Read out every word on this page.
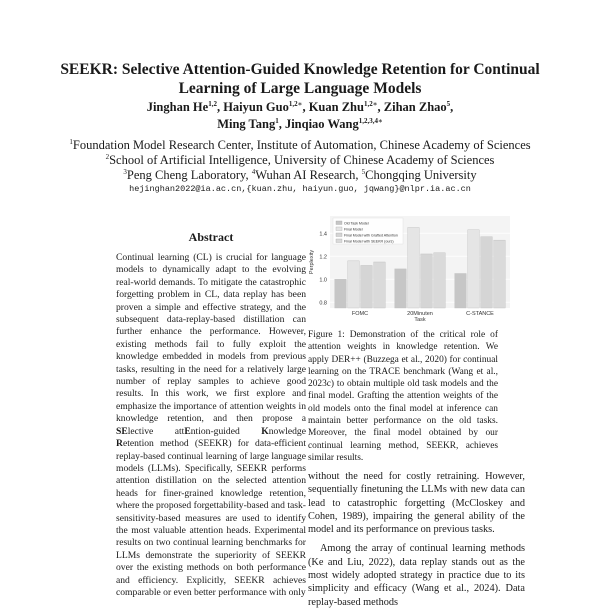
SEEKR: Selective Attention-Guided Knowledge Retention for Continual
Learning of Large Language Models
Jinghan He$^{1,2}$, Haiyun Guo$^{1,2∗}$, Kuan Zhu$^{1,2∗}$, Zihan Zhao$^5$,
Ming Tang$^1$, Jinqiao Wang$^{1,2,3,4∗}$
$^1$Foundation Model Research Center, Institute of Automation, Chinese Academy of Sciences
$^2$School of Artificial Intelligence, University of Chinese Academy of Sciences
$^3$Peng Cheng Laboratory, $^4$Wuhan AI Research, $^5$Chongqing University
hejinghan2022@ia.ac.cn,{kuan.zhu, haiyun.guo, jqwang}@nlpr.ia.ac.cn
Abstract

Continual learning (CL) is crucial for language models to dynamically adapt to the evolving real-world demands. To mitigate the catastrophic forgetting problem in CL, data replay has been proven a simple and effective strategy, and the subsequent data-replay-based distillation can further enhance the performance. However, existing methods fail to fully exploit the knowledge embedded in models from previous tasks, resulting in the need for a relatively large number of replay samples to achieve good results. In this work, we first explore and emphasize the importance of attention weights in knowledge retention, and then propose a SElective attEntion-guided Knowledge Retention method (SEEKR) for data-efficient replay-based continual learning of large language models (LLMs). Specifically, SEEKR performs attention distillation on the selected attention heads for finer-grained knowledge retention, where the proposed forgettability-based and task-sensitivity-based measures are used to identify the most valuable attention heads. Experimental results on two continual learning benchmarks for LLMs demonstrate the superiority of SEEKR over the existing methods on both performance and efficiency. Explicitly, SEEKR achieves comparable or even better performance with only

0.8
1.0
1.2
1.4
Perplexity
FOMC	20Minuten	C-STANCE
Task
Old Task Model
Final Model
Final Model with Grafted Attention
Final Model with SEEKR (ours)
Figure 1: Demonstration of the critical role of attention weights in knowledge retention. We apply DER++ (Buzzega et al., 2020) for continual learning on the TRACE benchmark (Wang et al., 2023c) to obtain multiple old task models and the final model. Grafting the attention weights of the old models onto the final model at inference can maintain better performance on the old tasks. Moreover, the final model obtained by our continual learning method, SEEKR, achieves similar results.

without the need for costly retraining. However, sequentially finetuning the LLMs with new data can lead to catastrophic forgetting (McCloskey and Cohen, 1989), impairing the general ability of the model and its performance on previous tasks.

Among the array of continual learning methods (Ke and Liu, 2022), data replay stands out as the most widely adopted strategy in practice due to its simplicity and efficacy (Wang et al., 2024). Data replay-based methods
